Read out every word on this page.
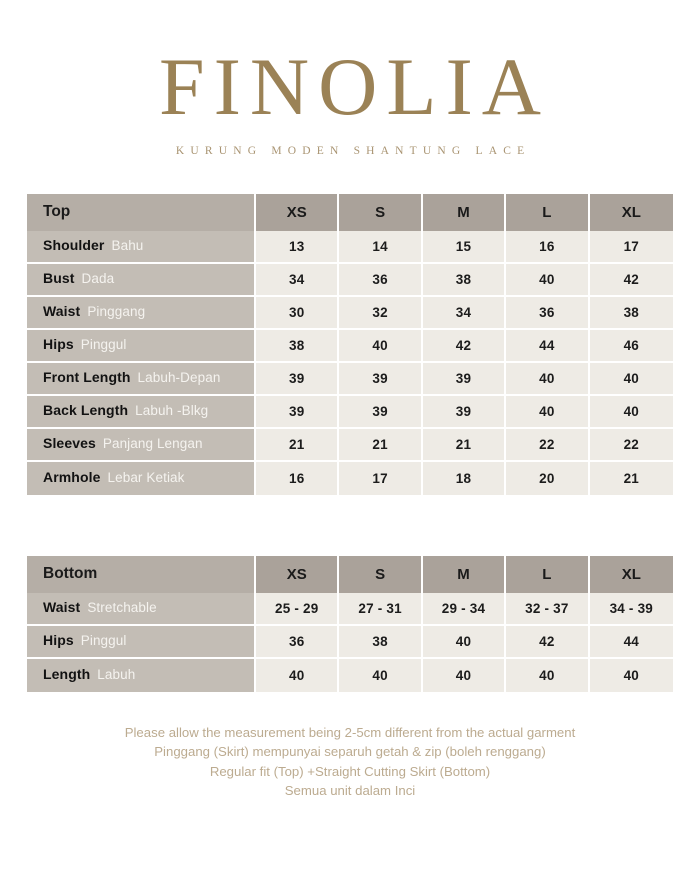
FINOLIA
KURUNG MODEN SHANTUNG LACE
Top	XS	S	M	L	XL
Shoulder Bahu	13	14	15	16	17
Bust Dada	34	36	38	40	42
Waist Pinggang	30	32	34	36	38
Hips Pinggul	38	40	42	44	46
Front Length Labuh-Depan	39	39	39	40	40
Back Length Labuh -Blkg	39	39	39	40	40
Sleeves Panjang Lengan	21	21	21	22	22
Armhole Lebar Ketiak	16	17	18	20	21
Bottom	XS	S	M	L	XL
Waist Stretchable	25 - 29	27 - 31	29 - 34	32 - 37	34 - 39
Hips Pinggul	36	38	40	42	44
Length Labuh	40	40	40	40	40
Please allow the measurement being 2-5cm different from the actual garment
Pinggang (Skirt) mempunyai separuh getah & zip (boleh renggang)
Regular fit (Top) +Straight Cutting Skirt (Bottom)
Semua unit dalam Inci
